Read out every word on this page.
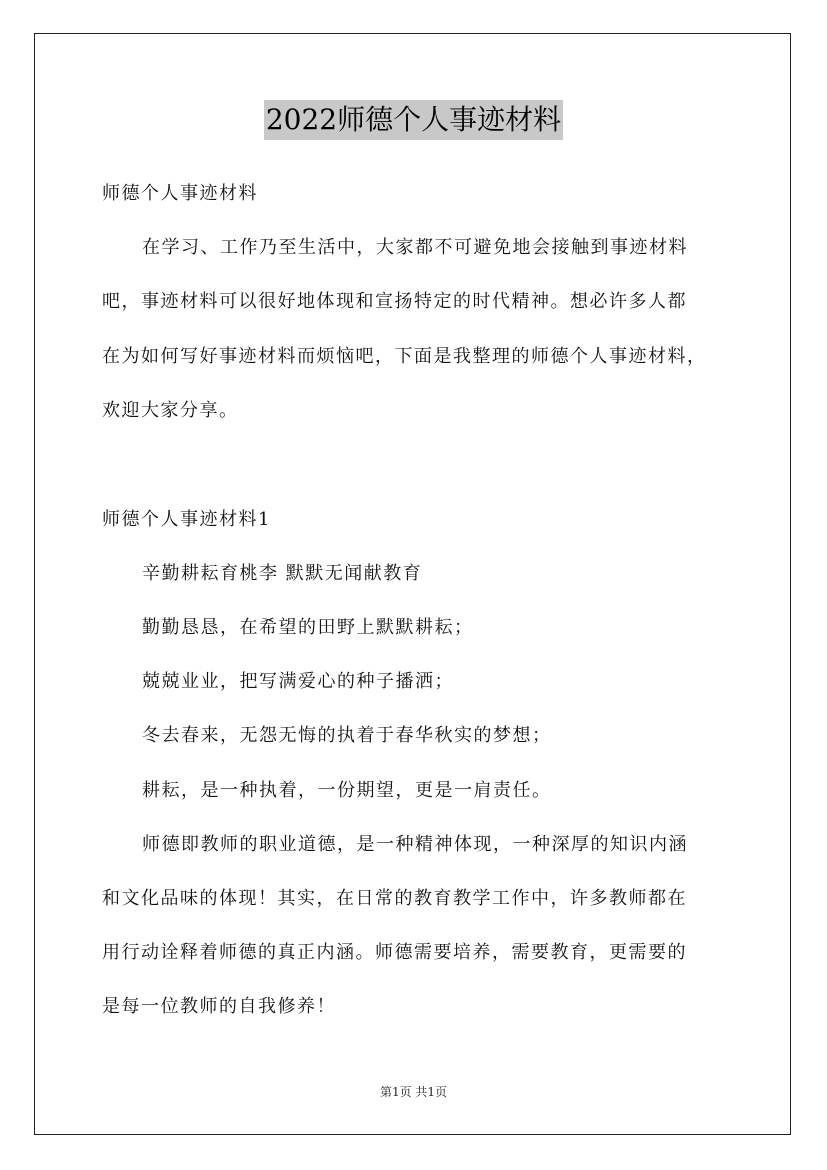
2022师德个人事迹材料
师德个人事迹材料
在学习、工作乃至生活中，大家都不可避免地会接触到事迹材料
吧，事迹材料可以很好地体现和宣扬特定的时代精神。想必许多人都
在为如何写好事迹材料而烦恼吧，下面是我整理的师德个人事迹材料，
欢迎大家分享。
师德个人事迹材料1
辛勤耕耘育桃李 默默无闻献教育
勤勤恳恳，在希望的田野上默默耕耘；
兢兢业业，把写满爱心的种子播洒；
冬去春来，无怨无悔的执着于春华秋实的梦想；
耕耘，是一种执着，一份期望，更是一肩责任。
师德即教师的职业道德，是一种精神体现，一种深厚的知识内涵
和文化品味的体现！其实，在日常的教育教学工作中，许多教师都在
用行动诠释着师德的真正内涵。师德需要培养，需要教育，更需要的
是每一位教师的自我修养！
第1页 共1页
